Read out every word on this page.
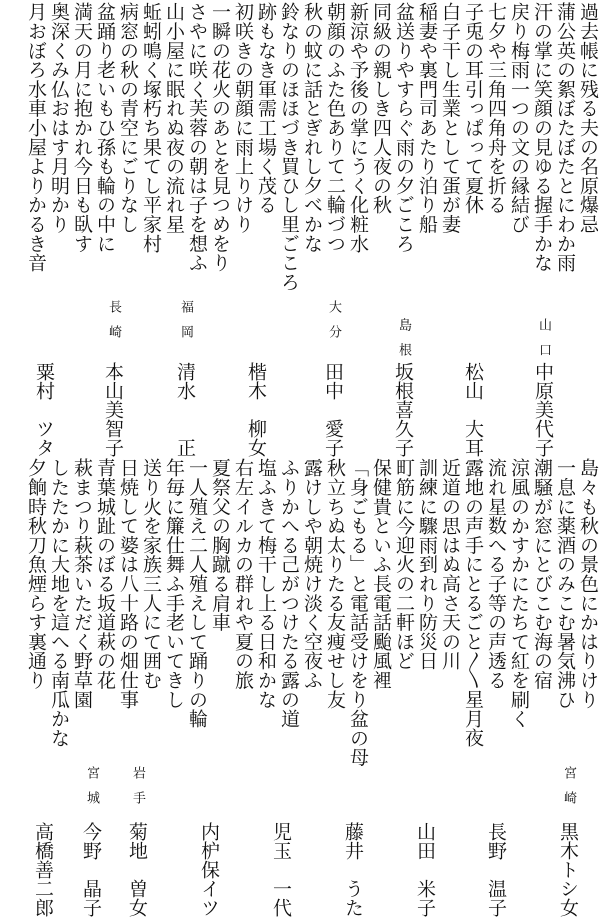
過去帳に残る夫の名原爆忌
蒲公英の絮ぼたぼたとにわか雨
汗の掌に笑顔の見ゆる握手かな
戻り梅雨一つの文の縁結び
七夕や三角四角舟を折る
子兎の耳引っぱって夏休
白子干し生業として蛋が妻
稲妻や裏門司あたり泊り船
盆送りやすらぐ雨の夕ごころ
同級の親しき四人夜の秋
新涼や予後の掌にうく化粧水
朝顔のふた色ありて二輪づつ
秋の蚊に話とぎれし夕べかな
鈴なりのほほづき買ひし里ごころ
跡もなき軍需工場く茂る
初咲きの朝顔に雨上りけり
一瞬の花火のあとを見つめをり
さやに咲く芙蓉の朝は子を想ふ
山小屋に眠れぬ夜の流れ星
蚯蚓鳴く塚朽ち果てし平家村
病窓の秋の青空にごりなし
盆踊り老いもひ孫も輪の中に
満天の月に抱かれ今日も臥す
奥深くみ仏おはす月明かり
月おぼろ水車小屋よりかるき音
山口
中原美代子
松山　大耳
島根
坂根喜久子
大分
田中　愛子
楷木　柳女
福岡
清水　　正
長崎
本山美智子
粟村　ツタ
島々も秋の景色にかはりけり
一息に薬酒のみこむ暑気沸ひ
潮騒が窓にとびこむ海の宿
涼風のかすかにたちて紅を刷く
流れ星数へる子等の声透る
露地の声手にとるごと〳〵星月夜
近道の思はぬ高さ天の川
訓練に驟雨到れり防災日
町筋に今迎火の二軒ほど
保健貴といふ長電話颱風裡
「身ごもる」と電話受けをり盆の母
秋立ちぬ太りたる友痩せし友
露けしや朝焼け淡く空夜ふ
ふりかへる己がつけたる露の道
塩ふきて梅干し上る日和かな
右左イルカの群れや夏の旅
夏祭父の胸蹴る肩車
一人殖え二人殖えして踊りの輪
年毎に簾仕舞ふ手老いてきし
送り火を家族三人にて囲む
日焼して婆は八十路の畑仕事
青葉城趾のぼる坂道萩の花
萩まつり萩茶いただく野草園
したたかに大地を這へる南瓜かな
夕餉時秋刀魚煙らす裏通り
宮崎
黒木トシ女
長野　温子
山田　米子
藤井　うた
児玉　一代
内枦保イツ
岩手
菊地　曽女
宮城
今野　晶子
高橋善二郎
